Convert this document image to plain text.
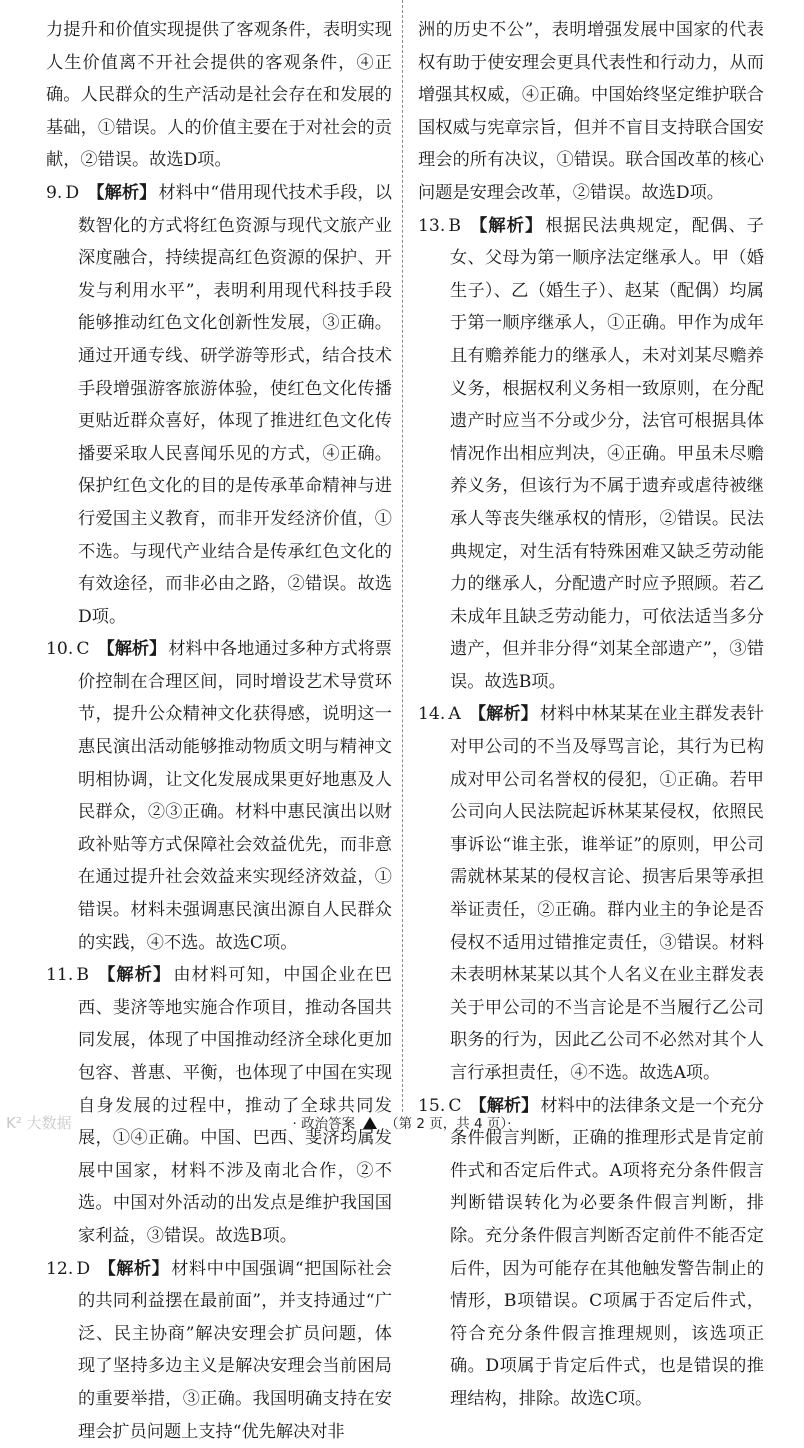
力提升和价值实现提供了客观条件，表明实现人生价值离不开社会提供的客观条件，④正确。人民群众的生产活动是社会存在和发展的基础，①错误。人的价值主要在于对社会的贡献，②错误。故选D项。

9. D 【解析】 材料中“借用现代技术手段，以数智化的方式将红色资源与现代文旅产业深度融合，持续提高红色资源的保护、开发与利用水平”，表明利用现代科技手段能够推动红色文化创新性发展，③正确。通过开通专线、研学游等形式，结合技术手段增强游客旅游体验，使红色文化传播更贴近群众喜好，体现了推进红色文化传播要采取人民喜闻乐见的方式，④正确。保护红色文化的目的是传承革命精神与进行爱国主义教育，而非开发经济价值，①不选。与现代产业结合是传承红色文化的有效途径，而非必由之路，②错误。故选D项。

10. C 【解析】 材料中各地通过多种方式将票价控制在合理区间，同时增设艺术导赏环节，提升公众精神文化获得感，说明这一惠民演出活动能够推动物质文明与精神文明相协调，让文化发展成果更好地惠及人民群众，②③正确。材料中惠民演出以财政补贴等方式保障社会效益优先，而非意在通过提升社会效益来实现经济效益，①错误。材料未强调惠民演出源自人民群众的实践，④不选。故选C项。

11. B 【解析】 由材料可知，中国企业在巴西、斐济等地实施合作项目，推动各国共同发展，体现了中国推动经济全球化更加包容、普惠、平衡，也体现了中国在实现自身发展的过程中，推动了全球共同发展，①④正确。中国、巴西、斐济均属发展中国家，材料不涉及南北合作，②不选。中国对外活动的出发点是维护我国国家利益，③错误。故选B项。

12. D 【解析】 材料中中国强调“把国际社会的共同利益摆在最前面”，并支持通过“广泛、民主协商”解决安理会扩员问题，体现了坚持多边主义是解决安理会当前困局的重要举措，③正确。我国明确支持在安理会扩员问题上支持“优先解决对非

洲的历史不公”，表明增强发展中国家的代表权有助于使安理会更具代表性和行动力，从而增强其权威，④正确。中国始终坚定维护联合国权威与宪章宗旨，但并不盲目支持联合国安理会的所有决议，①错误。联合国改革的核心问题是安理会改革，②错误。故选D项。

13. B 【解析】 根据民法典规定，配偶、子女、父母为第一顺序法定继承人。甲（婚生子）、乙（婚生子）、赵某（配偶）均属于第一顺序继承人，①正确。甲作为成年且有赡养能力的继承人，未对刘某尽赡养义务，根据权利义务相一致原则，在分配遗产时应当不分或少分，法官可根据具体情况作出相应判决，④正确。甲虽未尽赡养义务，但该行为不属于遗弃或虐待被继承人等丧失继承权的情形，②错误。民法典规定，对生活有特殊困难又缺乏劳动能力的继承人，分配遗产时应予照顾。若乙未成年且缺乏劳动能力，可依法适当多分遗产，但并非分得“刘某全部遗产”，③错误。故选B项。

14. A 【解析】 材料中林某某在业主群发表针对甲公司的不当及辱骂言论，其行为已构成对甲公司名誉权的侵犯，①正确。若甲公司向人民法院起诉林某某侵权，依照民事诉讼“谁主张，谁举证”的原则，甲公司需就林某某的侵权言论、损害后果等承担举证责任，②正确。群内业主的争论是否侵权不适用过错推定责任，③错误。材料未表明林某某以其个人名义在业主群发表关于甲公司的不当言论是不当履行乙公司职务的行为，因此乙公司不必然对其个人言行承担责任，④不选。故选A项。

15. C 【解析】 材料中的法律条文是一个充分条件假言判断，正确的推理形式是肯定前件式和否定后件式。A项将充分条件假言判断错误转化为必要条件假言判断，排除。充分条件假言判断否定前件不能否定后件，因为可能存在其他触发警告制止的情形，B项错误。C项属于否定后件式，符合充分条件假言推理规则，该选项正确。D项属于肯定后件式，也是错误的推理结构，排除。故选C项。

· 政治答案 （第 2 页，共 4 页）·
K² 大数据
